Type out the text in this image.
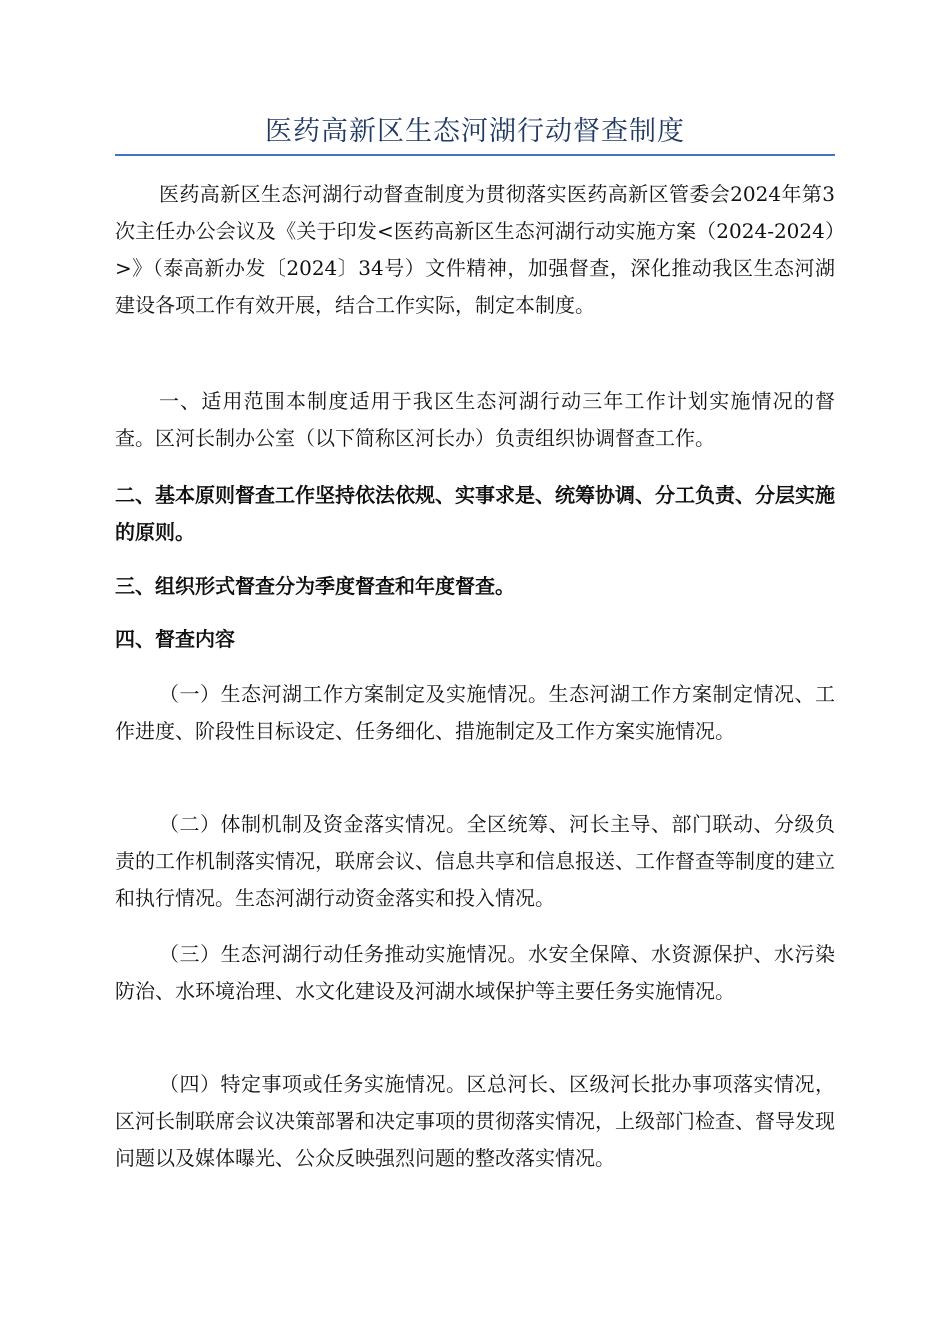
医药高新区生态河湖行动督查制度

医药高新区生态河湖行动督查制度为贯彻落实医药高新区管委会2024年第3次主任办公会议及《关于印发<医药高新区生态河湖行动实施方案（2024-2024）>》（泰高新办发〔2024〕34号）文件精神，加强督查，深化推动我区生态河湖建设各项工作有效开展，结合工作实际，制定本制度。

一、适用范围本制度适用于我区生态河湖行动三年工作计划实施情况的督查。区河长制办公室（以下简称区河长办）负责组织协调督查工作。

二、基本原则督查工作坚持依法依规、实事求是、统筹协调、分工负责、分层实施的原则。

三、组织形式督查分为季度督查和年度督查。

四、督查内容

（一）生态河湖工作方案制定及实施情况。生态河湖工作方案制定情况、工作进度、阶段性目标设定、任务细化、措施制定及工作方案实施情况。

（二）体制机制及资金落实情况。全区统筹、河长主导、部门联动、分级负责的工作机制落实情况，联席会议、信息共享和信息报送、工作督查等制度的建立和执行情况。生态河湖行动资金落实和投入情况。

（三）生态河湖行动任务推动实施情况。水安全保障、水资源保护、水污染防治、水环境治理、水文化建设及河湖水域保护等主要任务实施情况。

（四）特定事项或任务实施情况。区总河长、区级河长批办事项落实情况，区河长制联席会议决策部署和决定事项的贯彻落实情况，上级部门检查、督导发现问题以及媒体曝光、公众反映强烈问题的整改落实情况。
